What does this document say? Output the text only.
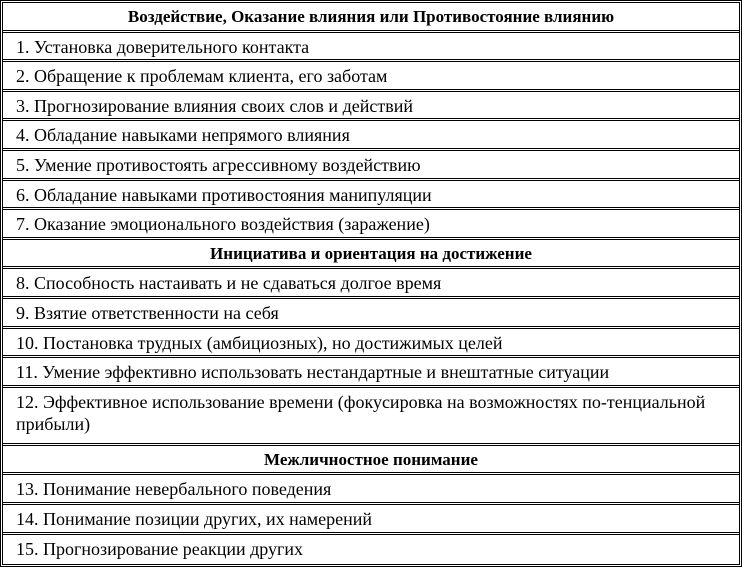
Воздействие, Оказание влияния или Противостояние влиянию
1. Установка доверительного контакта
2. Обращение к проблемам клиента, его заботам
3. Прогнозирование влияния своих слов и действий
4. Обладание навыками непрямого влияния
5. Умение противостоять агрессивному воздействию
6. Обладание навыками противостояния манипуляции
7. Оказание эмоционального воздействия (заражение)
Инициатива и ориентация на достижение
8. Способность настаивать и не сдаваться долгое время
9. Взятие ответственности на себя
10. Постановка трудных (амбициозных), но достижимых целей
11. Умение эффективно использовать нестандартные и внештатные ситуации
12. Эффективное использование времени (фокусировка на возможностях по-тенциальной прибыли)
Межличностное понимание
13. Понимание невербального поведения
14. Понимание позиции других, их намерений
15. Прогнозирование реакции других
